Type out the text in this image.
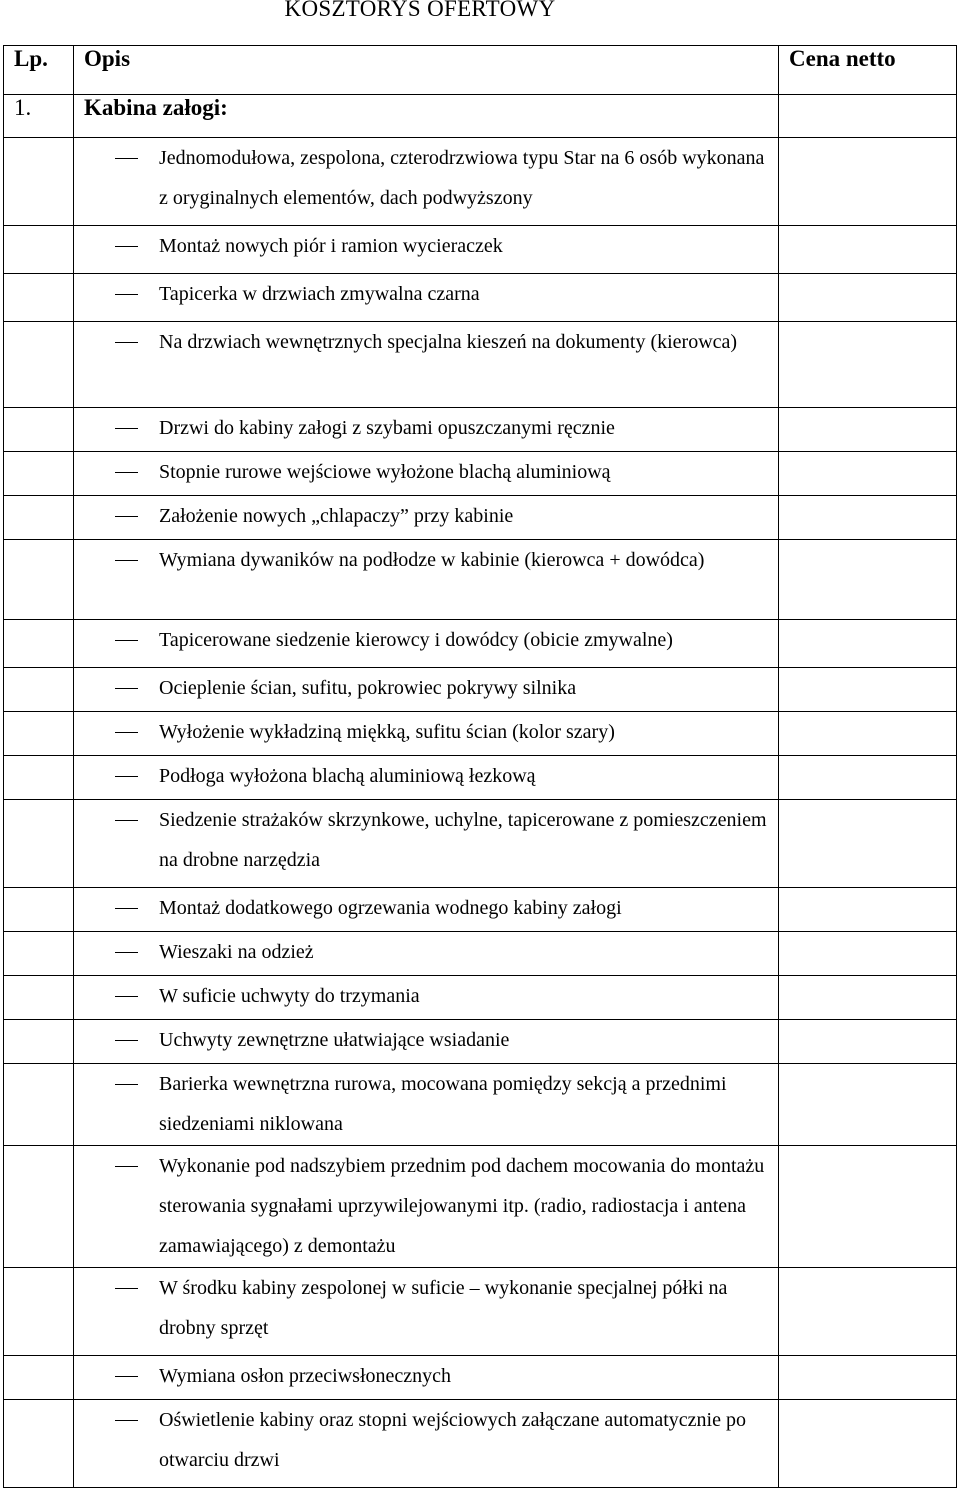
KOSZTORYS OFERTOWY
Lp.	Opis	Cena netto
1.	Kabina załogi:	

	Jednomodułowa, zespolona, czterodrzwiowa typu Star na 6 osób wykonana z oryginalnych elementów, dach podwyższony	

	Montaż nowych piór i ramion wycieraczek	

	Tapicerka w drzwiach zmywalna czarna	

	Na drzwiach wewnętrznych specjalna kieszeń na dokumenty (kierowca)	

	Drzwi do kabiny załogi z szybami opuszczanymi ręcznie	

	Stopnie rurowe wejściowe wyłożone blachą aluminiową	

	Założenie nowych „chlapaczy” przy kabinie	

	Wymiana dywaników na podłodze w kabinie (kierowca + dowódca)	

	Tapicerowane siedzenie kierowcy i dowódcy (obicie zmywalne)	

	Ocieplenie ścian, sufitu, pokrowiec pokrywy silnika	

	Wyłożenie wykładziną miękką, sufitu ścian (kolor szary)	

	Podłoga wyłożona blachą aluminiową łezkową	

	Siedzenie strażaków skrzynkowe, uchylne, tapicerowane z pomieszczeniem na drobne narzędzia	

	Montaż dodatkowego ogrzewania wodnego kabiny załogi	

	Wieszaki na odzież	

	W suficie uchwyty do trzymania	

	Uchwyty zewnętrzne ułatwiające wsiadanie	

	Barierka wewnętrzna rurowa, mocowana pomiędzy sekcją a przednimi siedzeniami niklowana	

	Wykonanie pod nadszybiem przednim pod dachem mocowania do montażu sterowania sygnałami uprzywilejowanymi itp. (radio, radiostacja i antena zamawiającego) z demontażu	

	W środku kabiny zespolonej w suficie – wykonanie specjalnej półki na drobny sprzęt	

	Wymiana osłon przeciwsłonecznych	

	Oświetlenie kabiny oraz stopni wejściowych załączane automatycznie po otwarciu drzwi	
